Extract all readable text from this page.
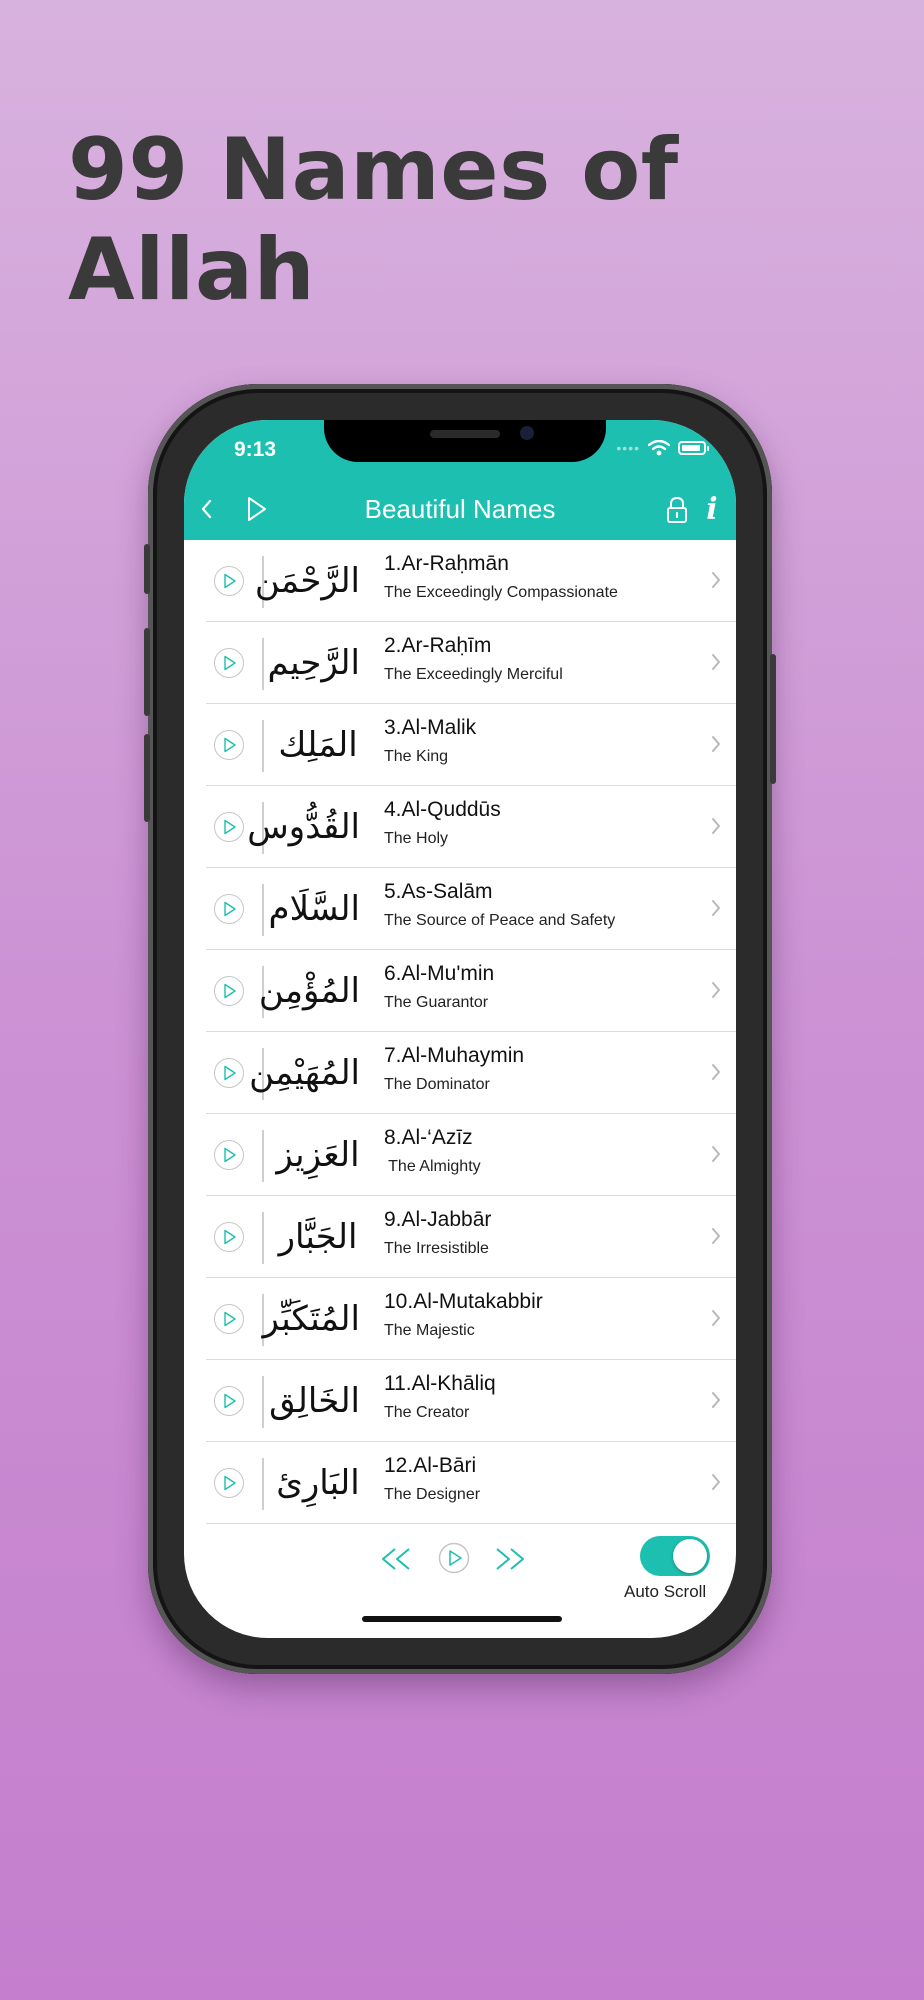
99 Names of Allah
9:13	••••
Beautiful Names	i
الرَّحْمَن 1.Ar-Raḥmān
The Exceedingly Compassionate
الرَّحِيم 2.Ar-Raḥīm
The Exceedingly Merciful
المَلِك 3.Al-Malik
The King
القُدُّوس 4.Al-Quddūs
The Holy
السَّلَام 5.As-Salām
The Source of Peace and Safety
المُؤْمِن 6.Al-Mu'min
The Guarantor
المُهَيْمِن 7.Al-Muhaymin
The Dominator
العَزِيز 8.Al-‘Azīz
The Almighty
الجَبَّار 9.Al-Jabbār
The Irresistible
المُتَكَبِّر 10.Al-Mutakabbir
The Majestic
الخَالِق 11.Al-Khāliq
The Creator
البَارِئ 12.Al-Bāri
The Designer
Auto Scroll
